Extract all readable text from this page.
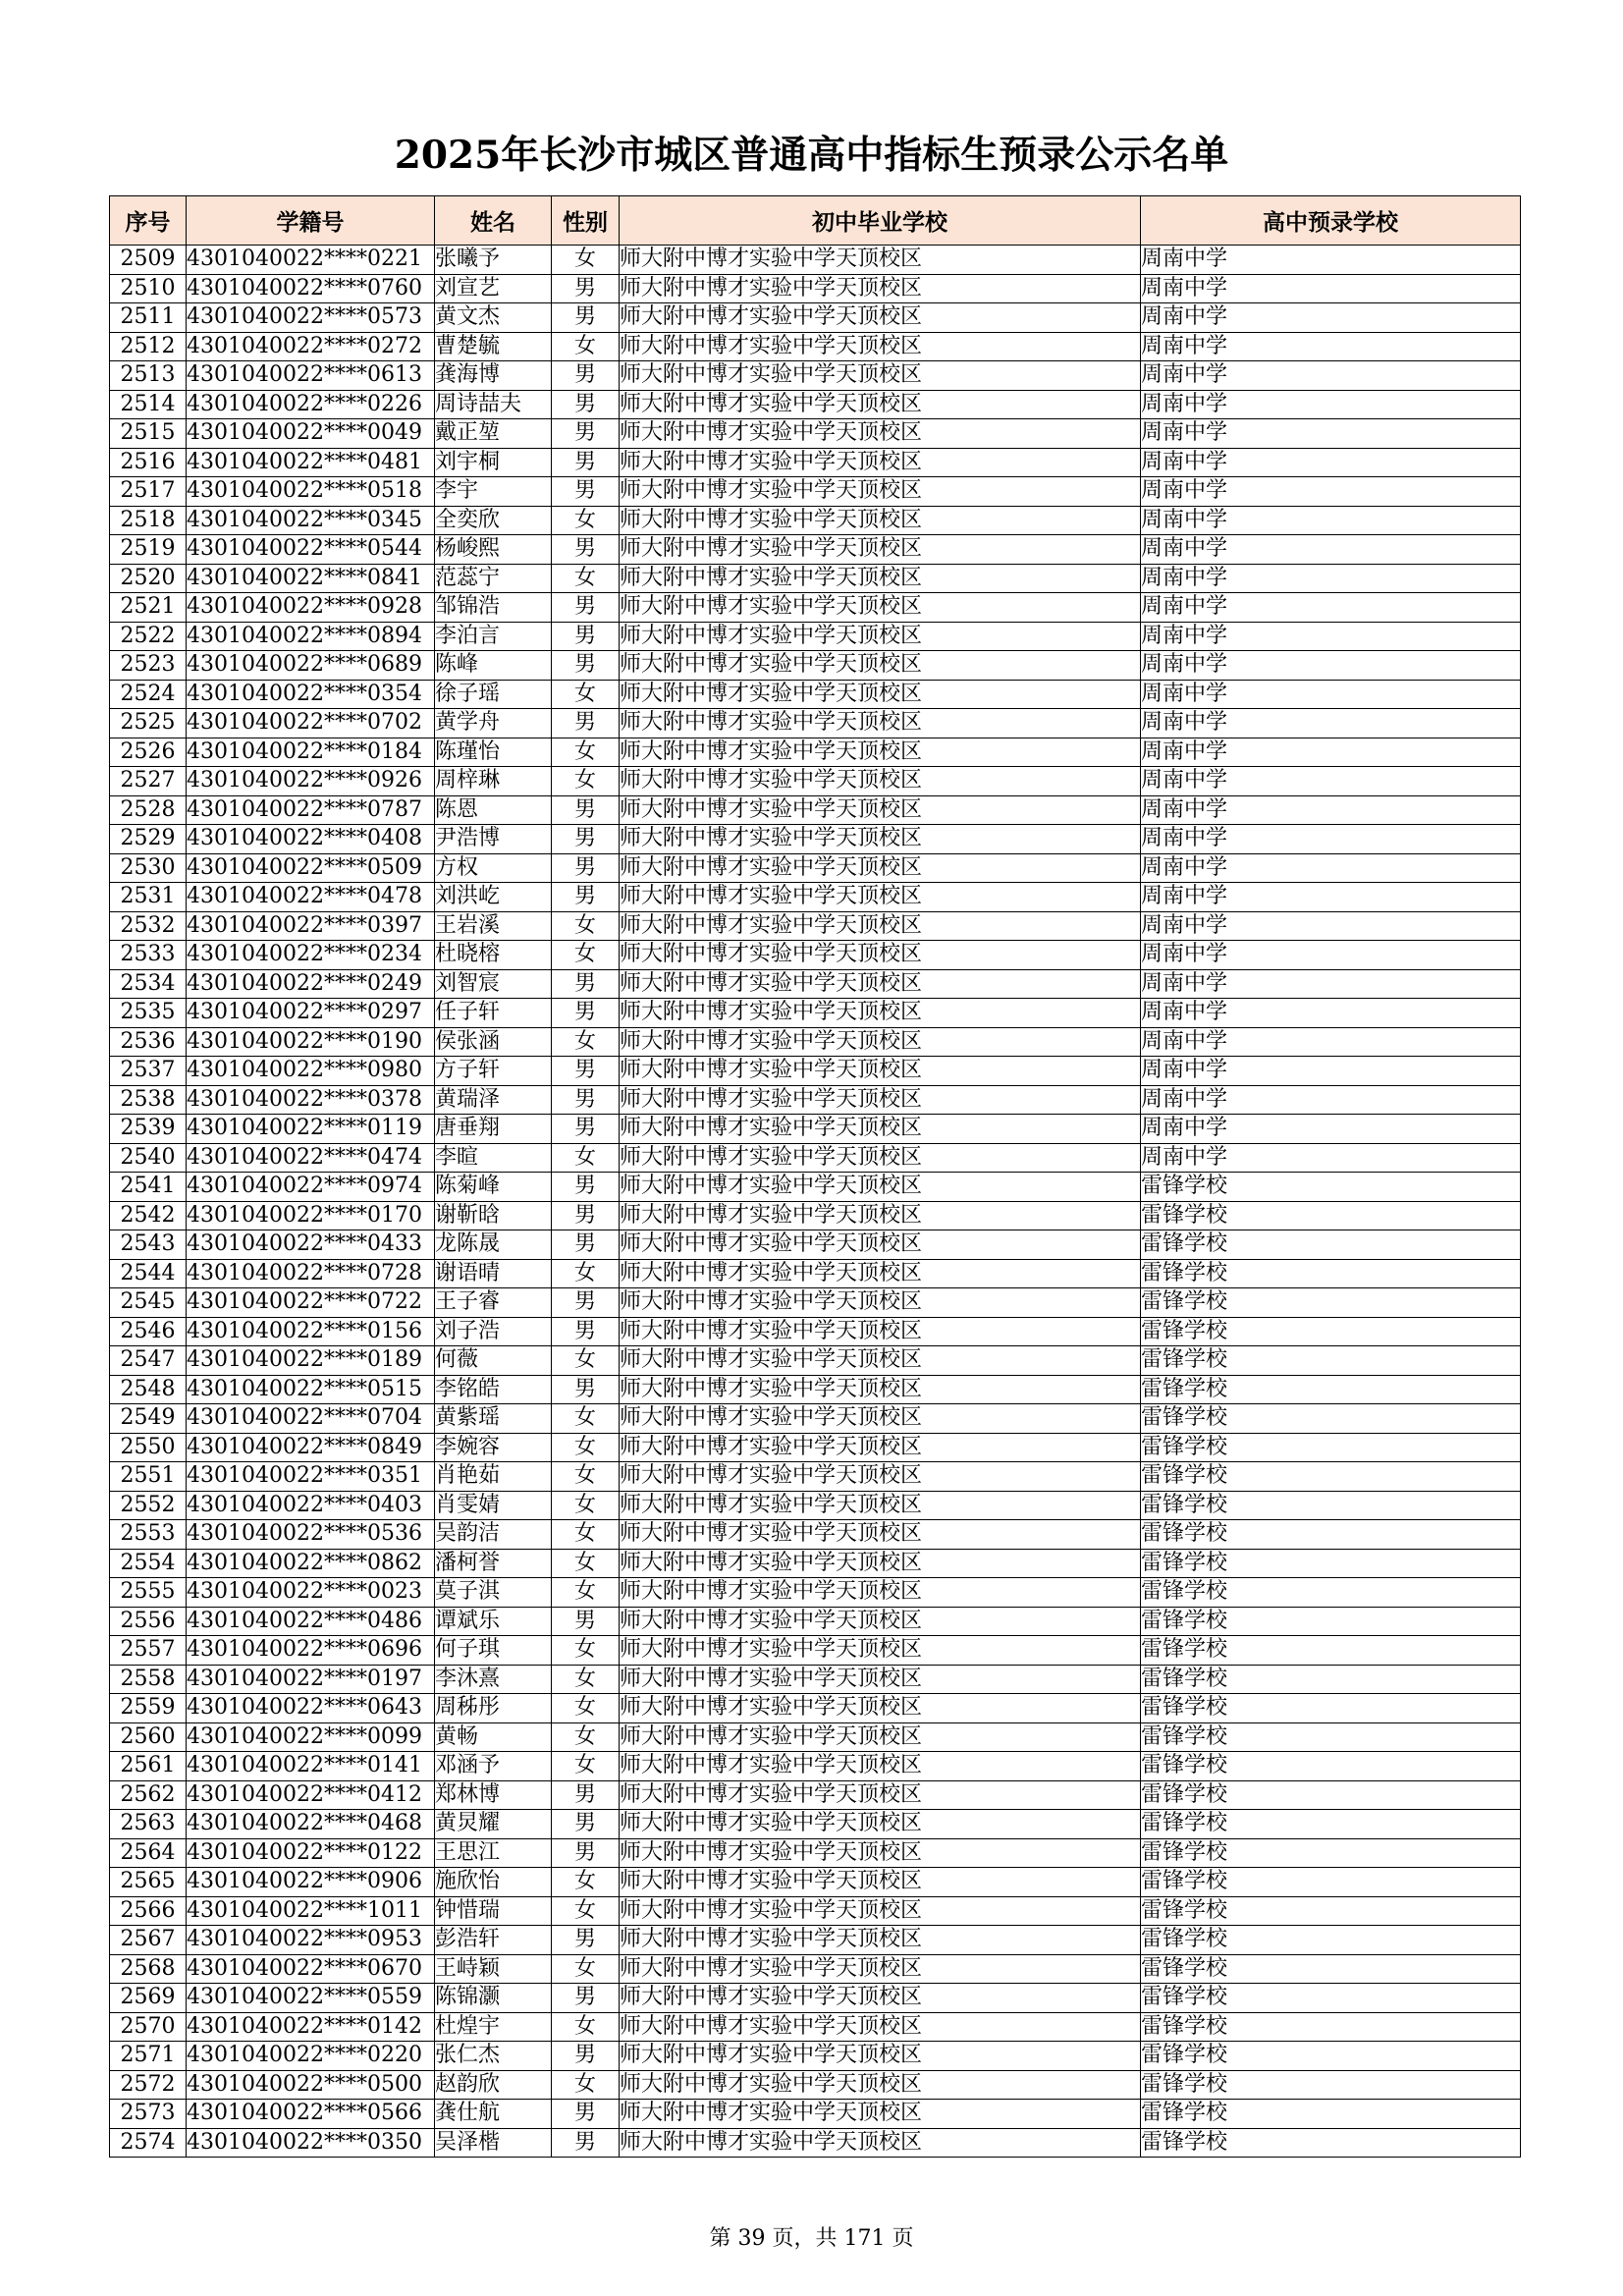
2025年长沙市城区普通高中指标生预录公示名单
序号	学籍号	姓名	性别	初中毕业学校	高中预录学校
2509	4301040022****0221	张曦予	女	师大附中博才实验中学天顶校区	周南中学
2510	4301040022****0760	刘宣艺	男	师大附中博才实验中学天顶校区	周南中学
2511	4301040022****0573	黄文杰	男	师大附中博才实验中学天顶校区	周南中学
2512	4301040022****0272	曹楚毓	女	师大附中博才实验中学天顶校区	周南中学
2513	4301040022****0613	龚海博	男	师大附中博才实验中学天顶校区	周南中学
2514	4301040022****0226	周诗喆夫	男	师大附中博才实验中学天顶校区	周南中学
2515	4301040022****0049	戴正堃	男	师大附中博才实验中学天顶校区	周南中学
2516	4301040022****0481	刘宇桐	男	师大附中博才实验中学天顶校区	周南中学
2517	4301040022****0518	李宇	男	师大附中博才实验中学天顶校区	周南中学
2518	4301040022****0345	全奕欣	女	师大附中博才实验中学天顶校区	周南中学
2519	4301040022****0544	杨峻熙	男	师大附中博才实验中学天顶校区	周南中学
2520	4301040022****0841	范蕊宁	女	师大附中博才实验中学天顶校区	周南中学
2521	4301040022****0928	邹锦浩	男	师大附中博才实验中学天顶校区	周南中学
2522	4301040022****0894	李泊言	男	师大附中博才实验中学天顶校区	周南中学
2523	4301040022****0689	陈峰	男	师大附中博才实验中学天顶校区	周南中学
2524	4301040022****0354	徐子瑶	女	师大附中博才实验中学天顶校区	周南中学
2525	4301040022****0702	黄学舟	男	师大附中博才实验中学天顶校区	周南中学
2526	4301040022****0184	陈瑾怡	女	师大附中博才实验中学天顶校区	周南中学
2527	4301040022****0926	周梓琳	女	师大附中博才实验中学天顶校区	周南中学
2528	4301040022****0787	陈恩	男	师大附中博才实验中学天顶校区	周南中学
2529	4301040022****0408	尹浩博	男	师大附中博才实验中学天顶校区	周南中学
2530	4301040022****0509	方权	男	师大附中博才实验中学天顶校区	周南中学
2531	4301040022****0478	刘洪屹	男	师大附中博才实验中学天顶校区	周南中学
2532	4301040022****0397	王岩溪	女	师大附中博才实验中学天顶校区	周南中学
2533	4301040022****0234	杜晓榕	女	师大附中博才实验中学天顶校区	周南中学
2534	4301040022****0249	刘智宸	男	师大附中博才实验中学天顶校区	周南中学
2535	4301040022****0297	任子轩	男	师大附中博才实验中学天顶校区	周南中学
2536	4301040022****0190	侯张涵	女	师大附中博才实验中学天顶校区	周南中学
2537	4301040022****0980	方子轩	男	师大附中博才实验中学天顶校区	周南中学
2538	4301040022****0378	黄瑞泽	男	师大附中博才实验中学天顶校区	周南中学
2539	4301040022****0119	唐垂翔	男	师大附中博才实验中学天顶校区	周南中学
2540	4301040022****0474	李暄	女	师大附中博才实验中学天顶校区	周南中学
2541	4301040022****0974	陈菊峰	男	师大附中博才实验中学天顶校区	雷锋学校
2542	4301040022****0170	谢靳晗	男	师大附中博才实验中学天顶校区	雷锋学校
2543	4301040022****0433	龙陈晟	男	师大附中博才实验中学天顶校区	雷锋学校
2544	4301040022****0728	谢语晴	女	师大附中博才实验中学天顶校区	雷锋学校
2545	4301040022****0722	王子睿	男	师大附中博才实验中学天顶校区	雷锋学校
2546	4301040022****0156	刘子浩	男	师大附中博才实验中学天顶校区	雷锋学校
2547	4301040022****0189	何薇	女	师大附中博才实验中学天顶校区	雷锋学校
2548	4301040022****0515	李铭皓	男	师大附中博才实验中学天顶校区	雷锋学校
2549	4301040022****0704	黄紫瑶	女	师大附中博才实验中学天顶校区	雷锋学校
2550	4301040022****0849	李婉容	女	师大附中博才实验中学天顶校区	雷锋学校
2551	4301040022****0351	肖艳茹	女	师大附中博才实验中学天顶校区	雷锋学校
2552	4301040022****0403	肖雯婧	女	师大附中博才实验中学天顶校区	雷锋学校
2553	4301040022****0536	吴韵洁	女	师大附中博才实验中学天顶校区	雷锋学校
2554	4301040022****0862	潘柯誉	女	师大附中博才实验中学天顶校区	雷锋学校
2555	4301040022****0023	莫子淇	女	师大附中博才实验中学天顶校区	雷锋学校
2556	4301040022****0486	谭斌乐	男	师大附中博才实验中学天顶校区	雷锋学校
2557	4301040022****0696	何子琪	女	师大附中博才实验中学天顶校区	雷锋学校
2558	4301040022****0197	李沐熹	女	师大附中博才实验中学天顶校区	雷锋学校
2559	4301040022****0643	周秭彤	女	师大附中博才实验中学天顶校区	雷锋学校
2560	4301040022****0099	黄畅	女	师大附中博才实验中学天顶校区	雷锋学校
2561	4301040022****0141	邓涵予	女	师大附中博才实验中学天顶校区	雷锋学校
2562	4301040022****0412	郑林博	男	师大附中博才实验中学天顶校区	雷锋学校
2563	4301040022****0468	黄炅耀	男	师大附中博才实验中学天顶校区	雷锋学校
2564	4301040022****0122	王思江	男	师大附中博才实验中学天顶校区	雷锋学校
2565	4301040022****0906	施欣怡	女	师大附中博才实验中学天顶校区	雷锋学校
2566	4301040022****1011	钟惜瑞	女	师大附中博才实验中学天顶校区	雷锋学校
2567	4301040022****0953	彭浩轩	男	师大附中博才实验中学天顶校区	雷锋学校
2568	4301040022****0670	王峙颖	女	师大附中博才实验中学天顶校区	雷锋学校
2569	4301040022****0559	陈锦灏	男	师大附中博才实验中学天顶校区	雷锋学校
2570	4301040022****0142	杜煌宇	女	师大附中博才实验中学天顶校区	雷锋学校
2571	4301040022****0220	张仁杰	男	师大附中博才实验中学天顶校区	雷锋学校
2572	4301040022****0500	赵韵欣	女	师大附中博才实验中学天顶校区	雷锋学校
2573	4301040022****0566	龚仕航	男	师大附中博才实验中学天顶校区	雷锋学校
2574	4301040022****0350	吴泽楷	男	师大附中博才实验中学天顶校区	雷锋学校
第 39 页，共 171 页
